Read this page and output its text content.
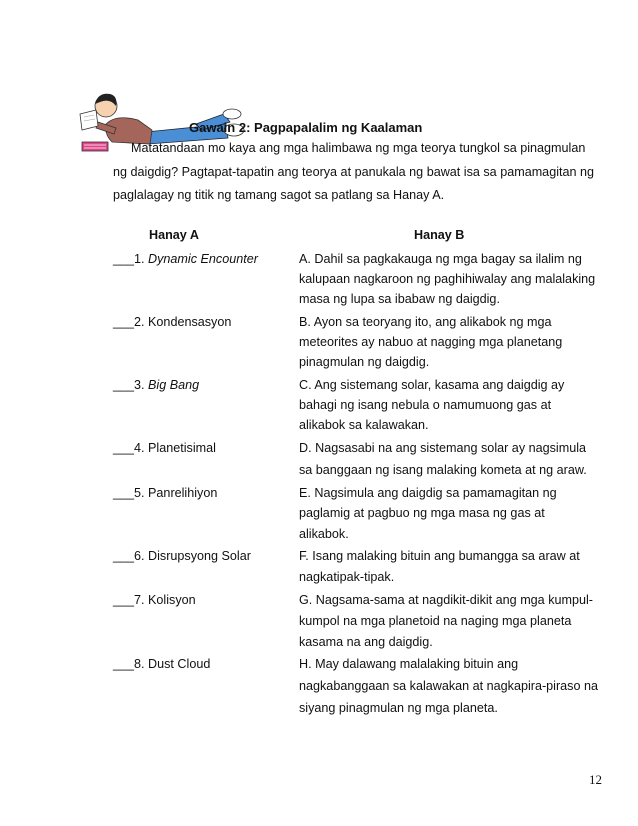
Gawain 2: Pagpapalalim ng Kaalaman
Matatandaan mo kaya ang mga halimbawa ng mga teorya tungkol sa pinagmulan
ng daigdig? Pagtapat-tapatin ang teorya at panukala ng bawat isa sa pamamagitan ng
paglalagay ng titik ng tamang sagot sa patlang sa Hanay A.
Hanay A	Hanay B
___1. Dynamic Encounter	A. Dahil sa pagkakauga ng mga bagay sa ilalim ng
kalupaan nagkaroon ng paghihiwalay ang malalaking
masa ng lupa sa ibabaw ng daigdig.
___2. Kondensasyon	B. Ayon sa teoryang ito, ang alikabok ng mga
meteorites ay nabuo at nagging mga planetang
pinagmulan ng daigdig.
___3. Big Bang	C. Ang sistemang solar, kasama ang daigdig ay
bahagi ng isang nebula o namumuong gas at
alikabok sa kalawakan.
___4. Planetisimal	D. Nagsasabi na ang sistemang solar ay nagsimula
sa banggaan ng isang malaking kometa at ng araw.
___5. Panrelihiyon	E. Nagsimula ang daigdig sa pamamagitan ng
paglamig at pagbuo ng mga masa ng gas at
alikabok.
___6. Disrupsyong Solar	F. Isang malaking bituin ang bumangga sa araw at
nagkatipak-tipak.
___7. Kolisyon	G. Nagsama-sama at nagdikit-dikit ang mga kumpul-
kumpol na mga planetoid na naging mga planeta
kasama na ang daigdig.
___8. Dust Cloud	H. May dalawang malalaking bituin ang
nagkabanggaan sa kalawakan at nagkapira-piraso na
siyang pinagmulan ng mga planeta.
12
